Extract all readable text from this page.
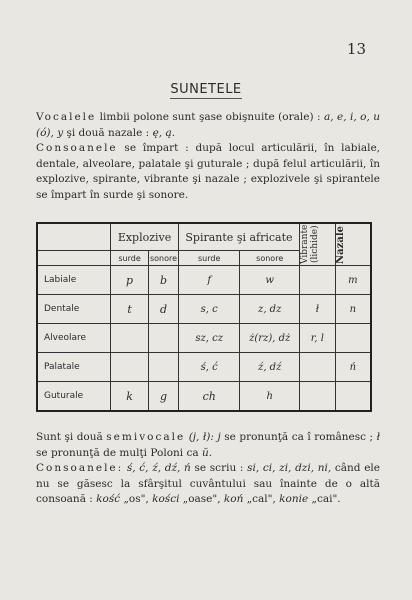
13
SUNETELE
Vocalele limbii polone sunt şase obişnuite (orale) : a, e, i, o, u (ó), y şi două nazale : ę, ą.
Consoanele se împart : după locul articulării, în labiale, dentale, alveolare, palatale şi guturale ; după felul articulării, în explozive, spirante, vibrante şi nazale ; explozivele şi spirantele se împart în surde şi sonore.
	Explozive		Spirante şi africate		Vibrante (lichide)	Nazale

	surde	sonore	surde	sonore		
Labiale	p	b	f	w		m
Dentale	t	d	s, c	z, dz	ł	n
Alveolare			sz, cz	ż(rz), dż	r, l	
Palatale			ś, ć	ź, dź		ń
Guturale	k	g	ch	h		
Sunt şi două semivocale (j, ł): j se pronunţă ca î românesc ; ł se pronunţă de mulţi Poloni ca ŭ.
Consoanele: ś, ć, ź, dź, ń se scriu : si, ci, zi, dzi, ni, când ele nu se găsesc la sfârşitul cuvântului sau înainte de o altă consoană : kość „os", kości „oase", koń „cal", konie „cai".
